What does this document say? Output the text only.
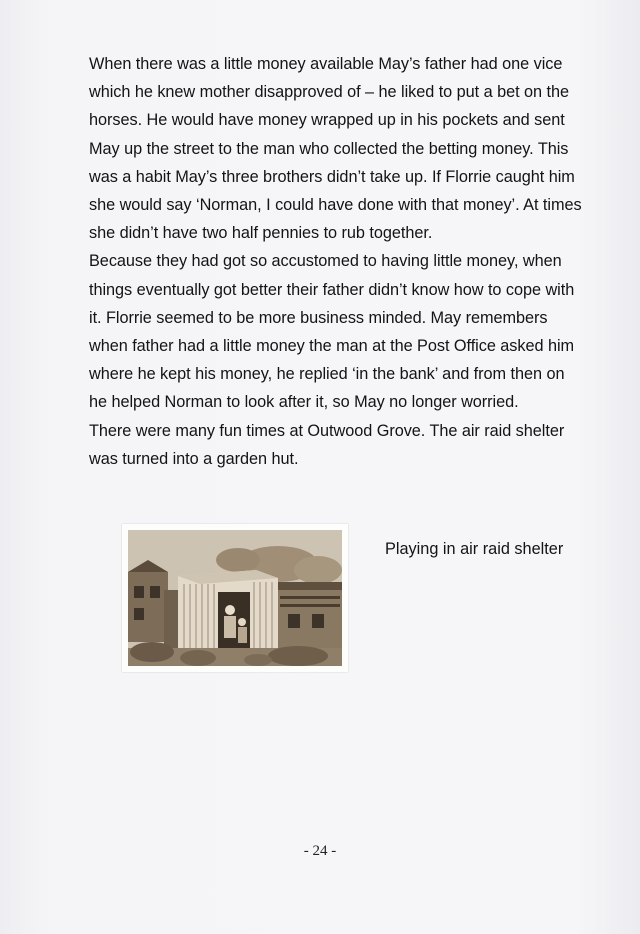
When there was a little money available May’s father had one vice
which he knew mother disapproved of – he liked to put a bet on the
horses. He would have money wrapped up in his pockets and sent
May up the street to the man who collected the betting money. This
was a habit May’s three brothers didn’t take up. If Florrie caught him
she would say ‘Norman, I could have done with that money’. At times
she didn’t have two half pennies to rub together.
Because they had got so accustomed to having little money, when
things eventually got better their father didn’t know how to cope with
it. Florrie seemed to be more business minded. May remembers
when father had a little money the man at the Post Office asked him
where he kept his money, he replied ‘in the bank’ and from then on
he helped Norman to look after it, so May no longer worried.
There were many fun times at Outwood Grove. The air raid shelter
was turned into a garden hut.
Playing in air raid shelter
- 24 -
